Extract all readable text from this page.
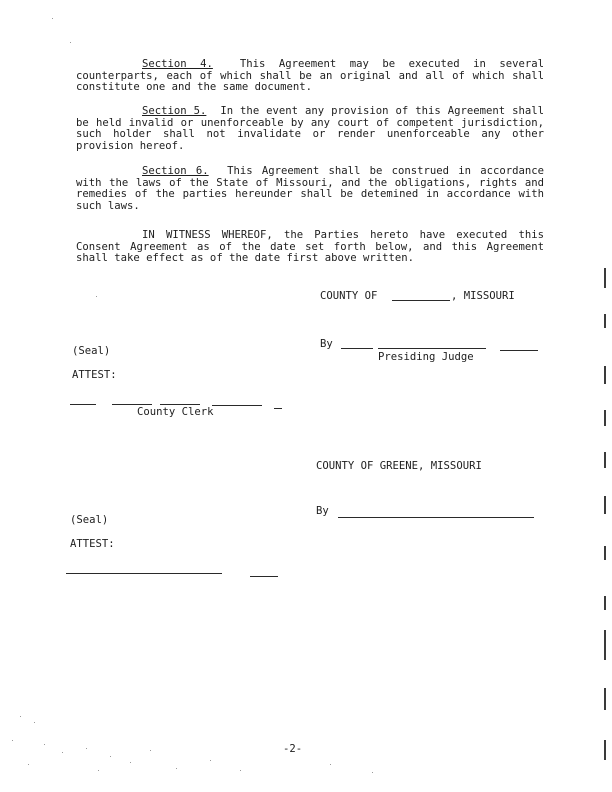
Section 4.	This Agreement may be executed in several counterparts, each of which shall be an original and all of which shall constitute one and the same document.

Section 5. In the event any provision of this Agreement shall be held invalid or unenforceable by any court of competent jurisdiction, such holder shall not invalidate or render unenforceable any other provision hereof.

Section 6. This Agreement shall be construed in accordance with the laws of the State of Missouri, and the obligations, rights and remedies of the parties hereunder shall be detemined in accordance with such laws.

IN WITNESS WHEREOF, the Parties hereto have executed this Consent Agreement as of the date set forth below, and this Agreement shall take effect as of the date first above written.

COUNTY OF	, MISSOURI
By
Presiding Judge
(Seal)
ATTEST:
County Clerk
COUNTY OF GREENE, MISSOURI
By
(Seal)
ATTEST:
-2-
